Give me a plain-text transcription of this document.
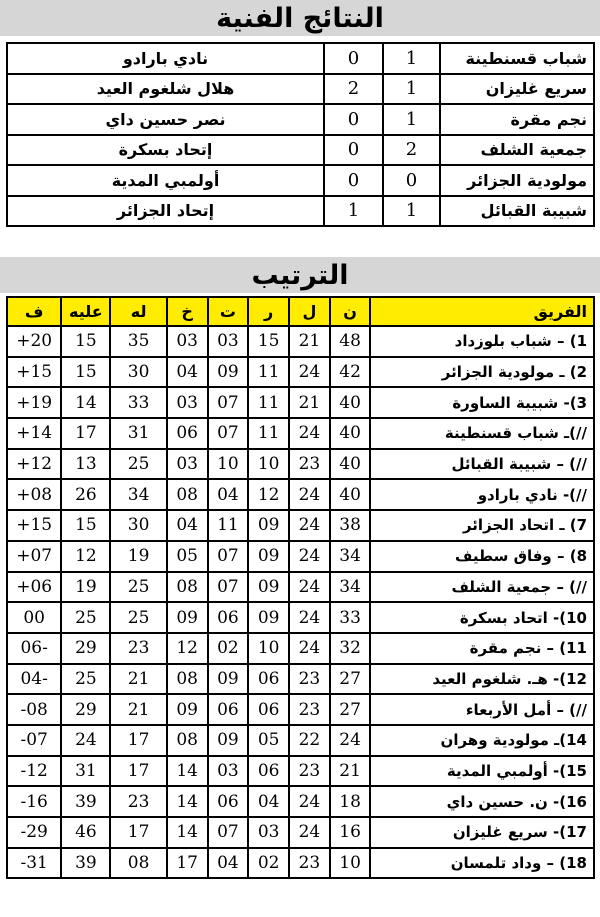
النتائج الفنية
شباب قسنطينة	1	0	نادي بارادو
سريع غليزان	1	2	هلال شلغوم العيد
نجم مقرة	1	0	نصر حسين داي
جمعية الشلف	2	0	إتحاد بسكرة
مولودية الجزائر	0	0	أولمبي المدية
شبيبة القبائل	1	1	إتحاد الجزائر
الترتيب
الفريق	ن	ل	ر	ت	خ	له	عليه	ف
1) – شباب بلوزداد	48	21	15	03	03	35	15	+20
2) ـ مولودية الجزائر	42	24	11	09	04	30	15	+15
3)- شبيبة الساورة	40	21	11	07	03	33	14	+19
//)ـ شباب قسنطينة	40	24	11	07	06	31	17	+14
//) – شبيبة القبائل	40	23	10	10	03	25	13	+12
//)- نادي بارادو	40	24	12	04	08	34	26	+08
7) ـ اتحاد الجزائر	38	24	09	11	04	30	15	+15
8) – وفاق سطيف	34	24	09	07	05	19	12	+07
//) – جمعية الشلف	34	24	09	07	08	25	19	+06
10)- اتحاد بسكرة	33	24	09	06	09	25	25	00
11) – نجم مقرة	32	24	10	02	12	23	29	06-
12)- هـ. شلغوم العيد	27	23	06	09	08	21	25	04-
//) – أمل الأربعاء	27	23	06	06	09	21	29	-08
14)ـ مولودية وهران	24	22	05	09	08	17	24	-07
15)- أولمبي المدية	21	23	06	03	14	17	31	-12
16)- ن. حسين داي	18	24	04	06	14	23	39	-16
17)- سريع غليزان	16	24	03	07	14	17	46	-29
18) – وداد تلمسان	10	23	02	04	17	08	39	-31
